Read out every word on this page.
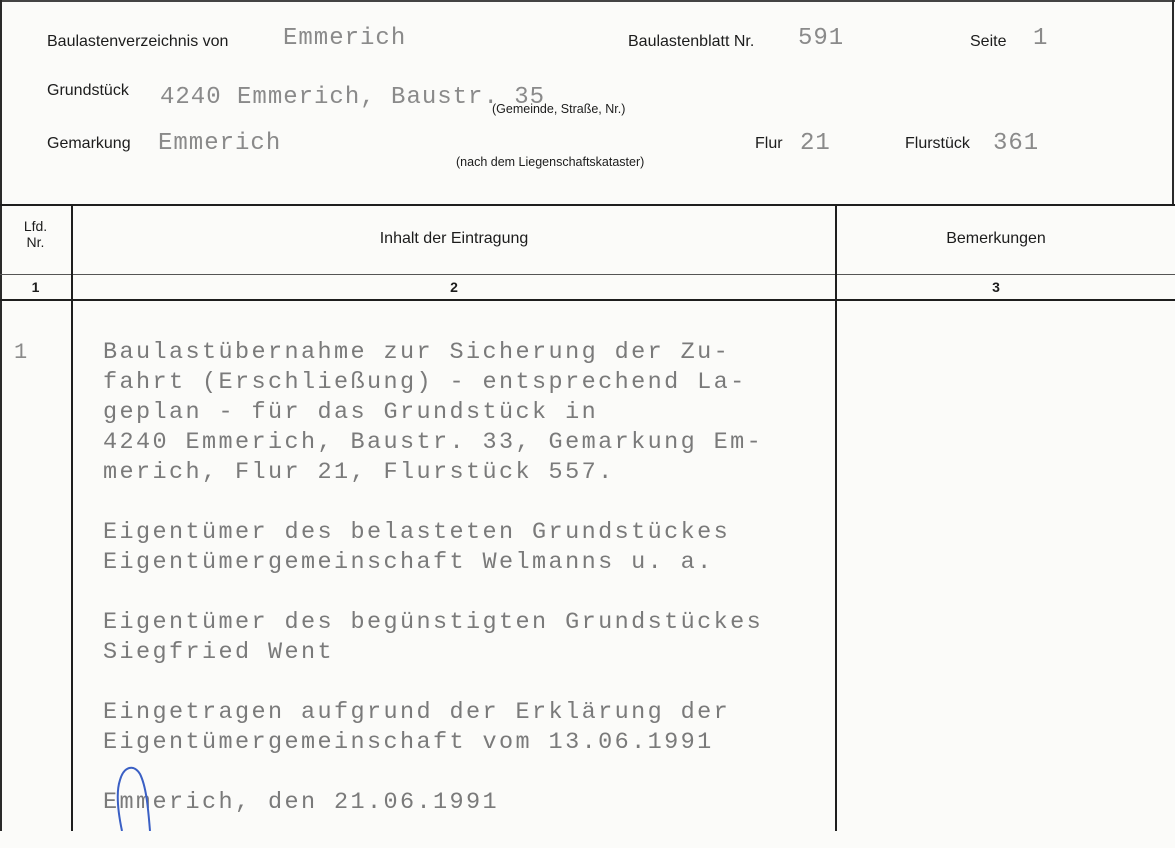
Baulastenverzeichnis von Emmerich	Baulastenblatt Nr. 591	Seite 1
Grundstück 4240 Emmerich, Baustr. 35
(Gemeinde, Straße, Nr.)
Gemarkung Emmerich
(nach dem Liegenschaftskataster)
Flur 21	Flurstück 361
Lfd.
Nr.	Inhalt der Eintragung	Bemerkungen
1	2	3
1	Baulastübernahme zur Sicherung der Zu-
fahrt (Erschließung) - entsprechend La-
geplan - für das Grundstück in
4240 Emmerich, Baustr. 33, Gemarkung Em-
merich, Flur 21, Flurstück 557.
Eigentümer des belasteten Grundstückes
Eigentümergemeinschaft Welmanns u. a.
Eigentümer des begünstigten Grundstückes
Siegfried Went
Eingetragen aufgrund der Erklärung der
Eigentümergemeinschaft vom 13.06.1991
Emmerich, den 21.06.1991
